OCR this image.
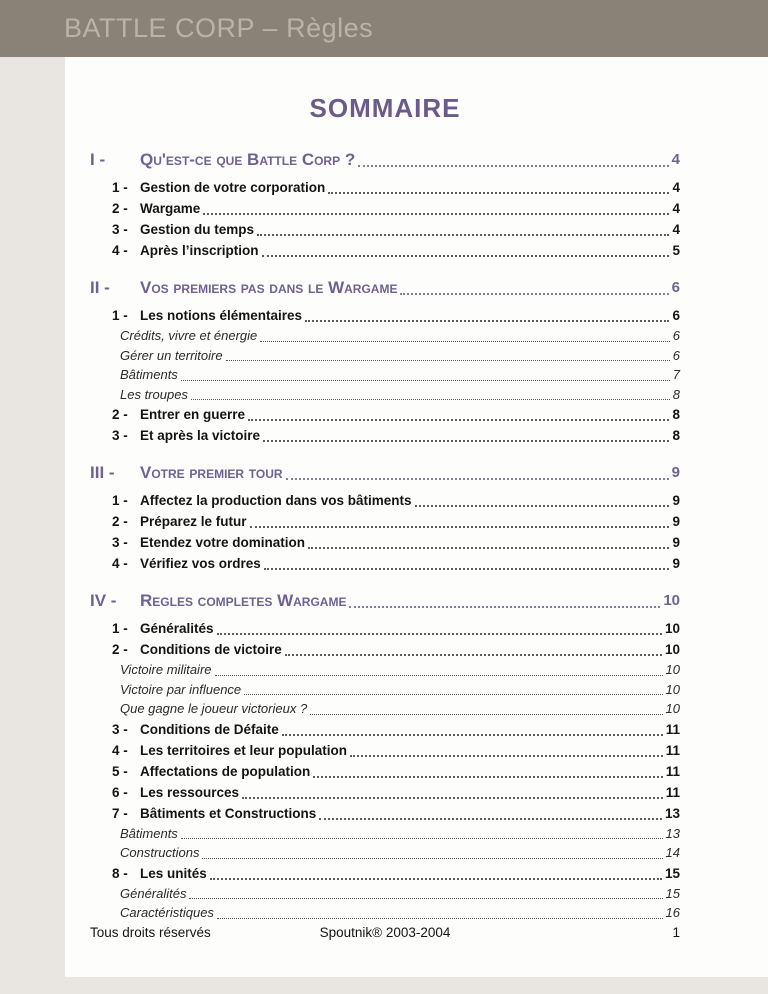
BATTLE CORP – Règles
SOMMAIRE
I -	Qu'est-ce que Battle Corp ?	4
1 - Gestion de votre corporation	4
2 - Wargame	4
3 - Gestion du temps	4
4 - Après l’inscription	5
II -	Vos premiers pas dans le Wargame	6
1 - Les notions élémentaires	6
Crédits, vivre et énergie	6
Gérer un territoire	6
Bâtiments	7
Les troupes	8
2 - Entrer en guerre	8
3 - Et après la victoire	8
III -	Votre premier tour	9
1 - Affectez la production dans vos bâtiments	9
2 - Préparez le futur	9
3 - Etendez votre domination	9
4 - Vérifiez vos ordres	9
IV -	Regles completes Wargame	10
1 - Généralités	10
2 - Conditions de victoire	10
Victoire militaire	10
Victoire par influence	10
Que gagne le joueur victorieux ?	10
3 - Conditions de Défaite	11
4 - Les territoires et leur population	11
5 - Affectations de population	11
6 - Les ressources	11
7 - Bâtiments et Constructions	13
Bâtiments	13
Constructions	14
8 - Les unités	15
Généralités	15
Caractéristiques	16
Tous droits réservés	Spoutnik® 2003-2004	1
